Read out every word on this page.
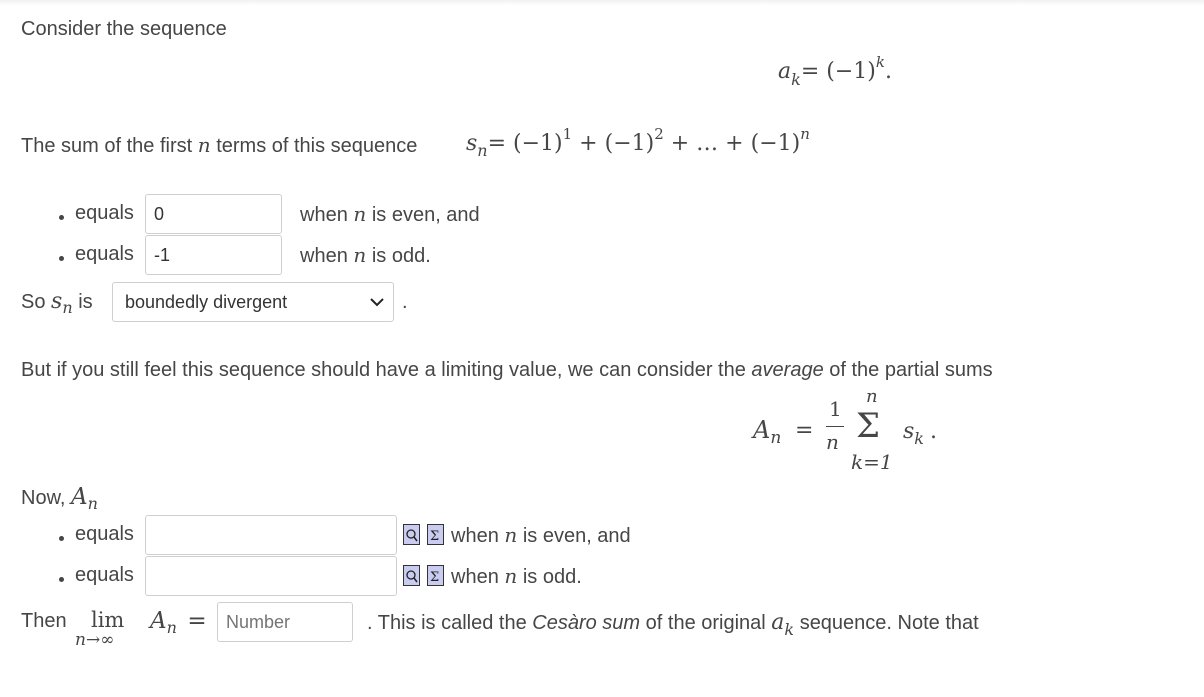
Consider the sequence
$a_k= (-1)^k$.
The sum of the first n terms of this sequence $s_n= (-1)^1 + (-1)^2$ + … + $(-1)^n$
equals	0	when n is even, and
equals	-1	when n is odd.
So $s_n$ is	boundedly divergent	.
But if you still feel this sequence should have a limiting value, we can consider the average of the partial sums
$A_n$ =
1
n
n
Σ
k=1
$s_k$ .
Now, $A_n$
equals	Σ when n is even, and
equals	Σ when n is odd.
Then lim
n→∞
$A_n$ =
Number	. This is called the Cesàro sum of the original $a_k$ sequence. Note that
